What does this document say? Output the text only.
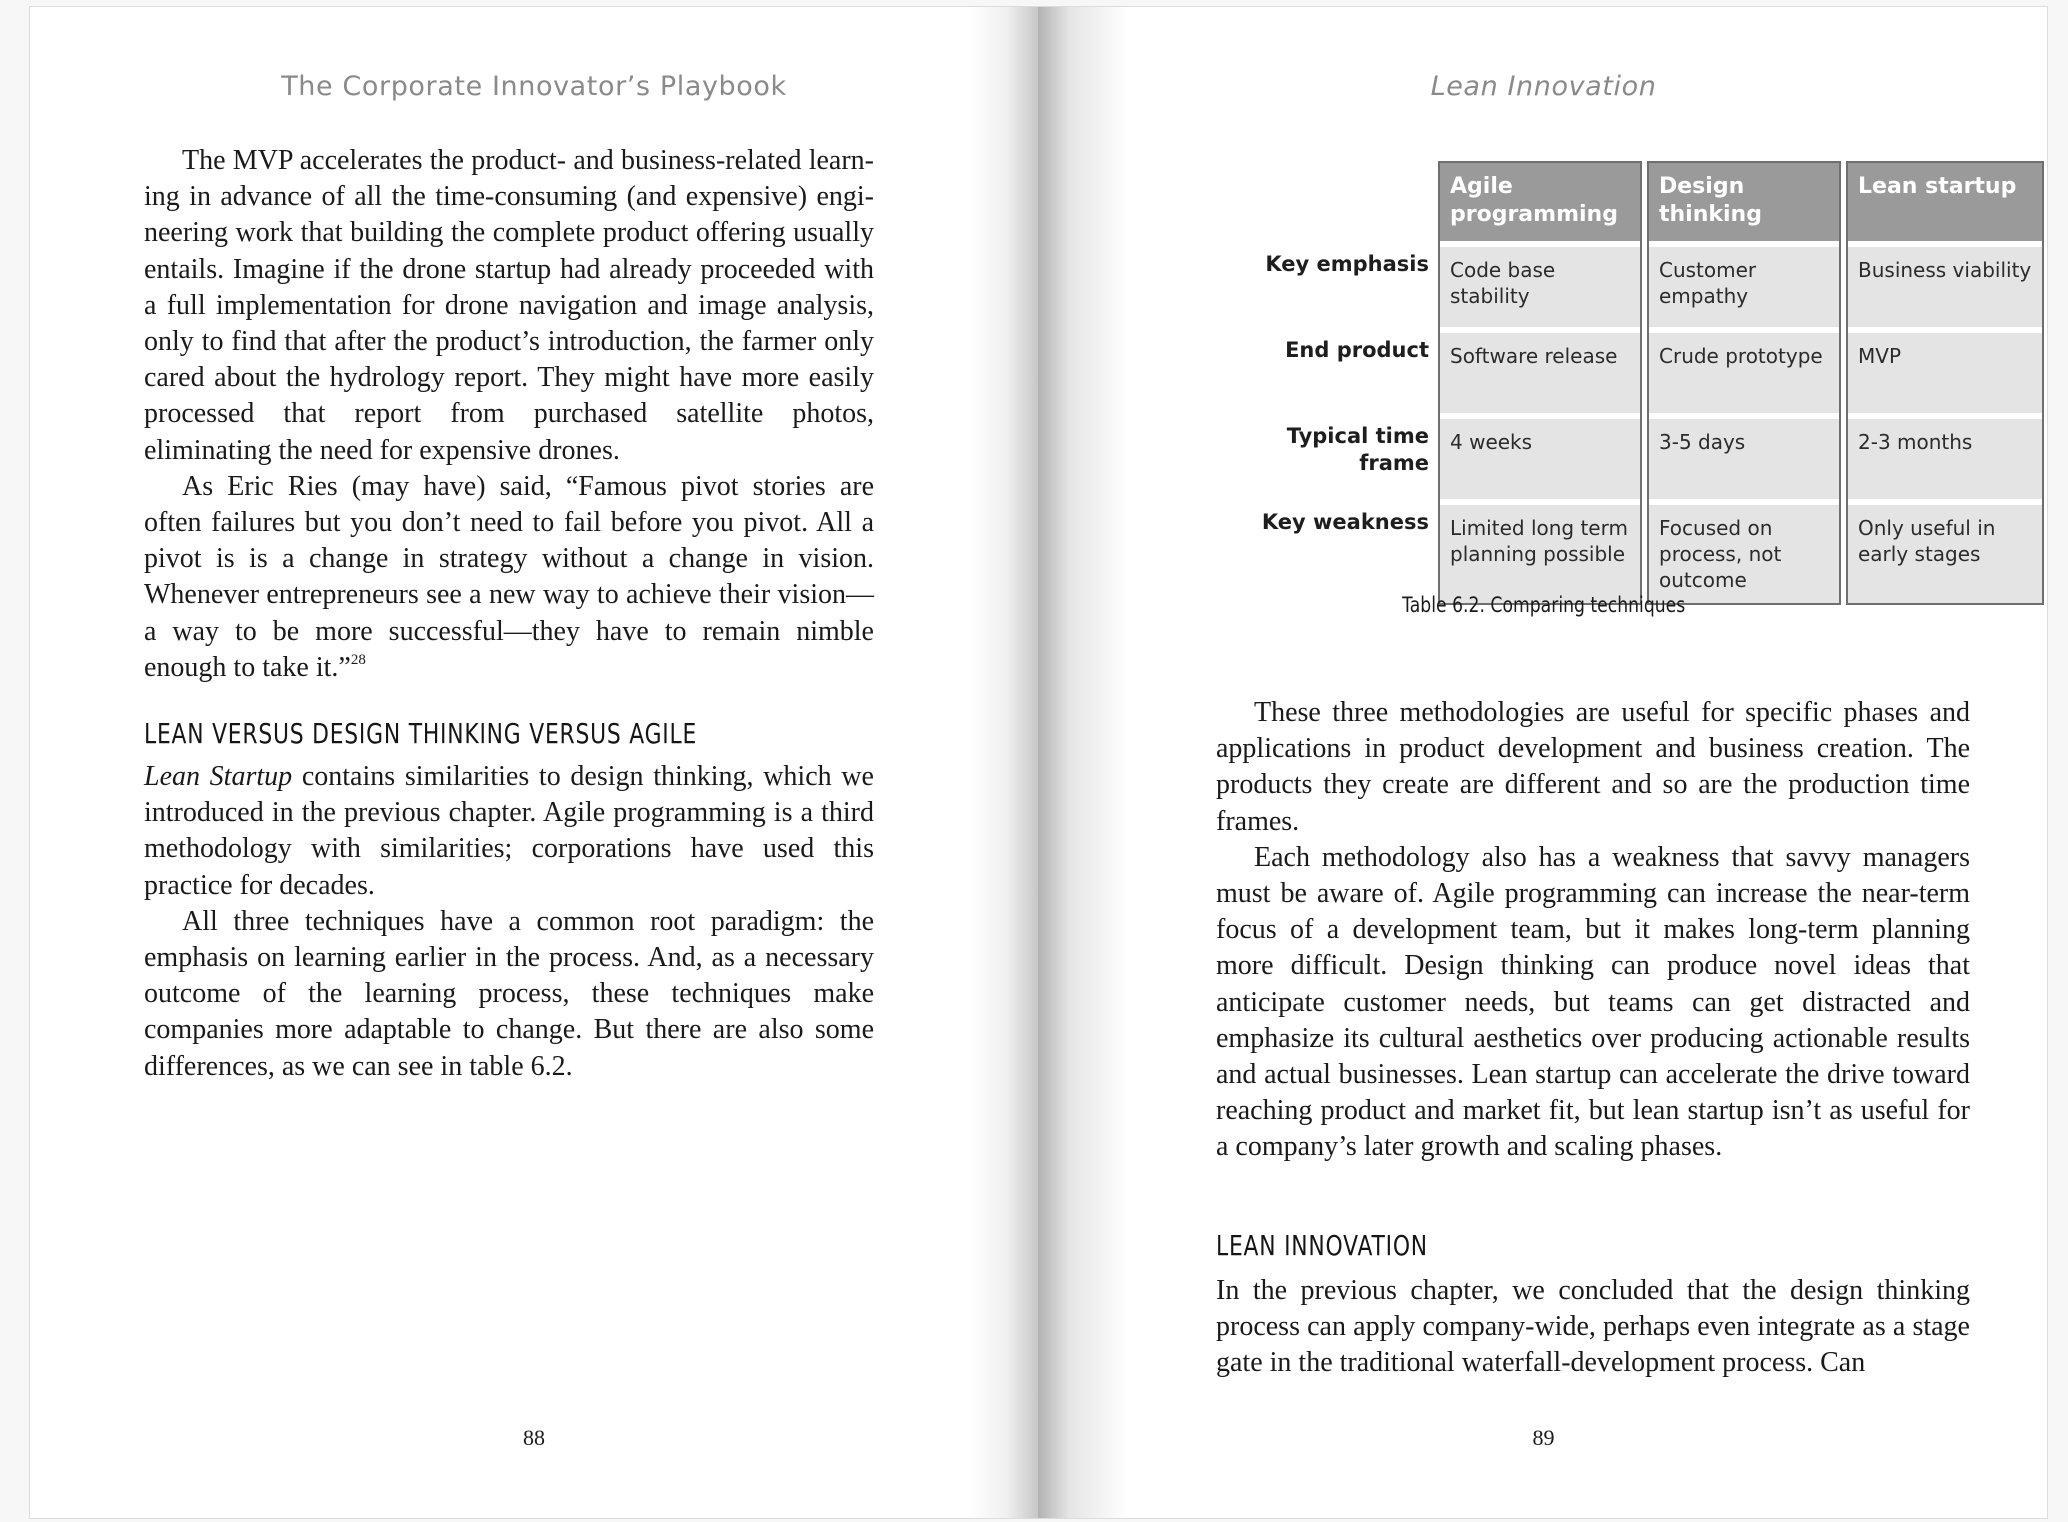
The Corporate Innovator’s Playbook

The MVP accelerates the product- and business-related learning in advance of all the time-consuming (and expensive) engineering work that building the complete product offering usually entails. Imagine if the drone startup had already proceeded with a full implementation for drone navigation and image analysis, only to find that after the product’s introduction, the farmer only cared about the hydrology report. They might have more easily processed that report from purchased satellite photos, eliminating the need for expensive drones.

As Eric Ries (may have) said, “Famous pivot stories are often failures but you don’t need to fail before you pivot. All a pivot is is a change in strategy without a change in vision. Whenever entrepreneurs see a new way to achieve their vision—a way to be more successful—they have to remain nimble enough to take it.”$^{28}$

LEAN VERSUS DESIGN THINKING VERSUS AGILE

Lean Startup contains similarities to design thinking, which we introduced in the previous chapter. Agile programming is a third methodology with similarities; corporations have used this practice for decades.

All three techniques have a common root paradigm: the emphasis on learning earlier in the process. And, as a necessary outcome of the learning process, these techniques make companies more adaptable to change. But there are also some differences, as we can see in table 6.2.

88
Lean Innovation
	Agile programming	Design thinking	Lean startup

Key emphasis	Code base stability	Customer empathy	Business viability

End product	Software release	Crude prototype	MVP

Typical time frame	4 weeks	3-5 days	2-3 months

Key weakness	Limited long term planning possible	Focused on process, not outcome	Only useful in early stages
Table 6.2. Comparing techniques

These three methodologies are useful for specific phases and applications in product development and business creation. The products they create are different and so are the production time frames.

Each methodology also has a weakness that savvy managers must be aware of. Agile programming can increase the near-term focus of a development team, but it makes long-term planning more difficult. Design thinking can produce novel ideas that anticipate customer needs, but teams can get distracted and emphasize its cultural aesthetics over producing actionable results and actual businesses. Lean startup can accelerate the drive toward reaching product and market fit, but lean startup isn’t as useful for a company’s later growth and scaling phases.

LEAN INNOVATION

In the previous chapter, we concluded that the design thinking process can apply company-wide, perhaps even integrate as a stage gate in the traditional waterfall-development process. Can

89
